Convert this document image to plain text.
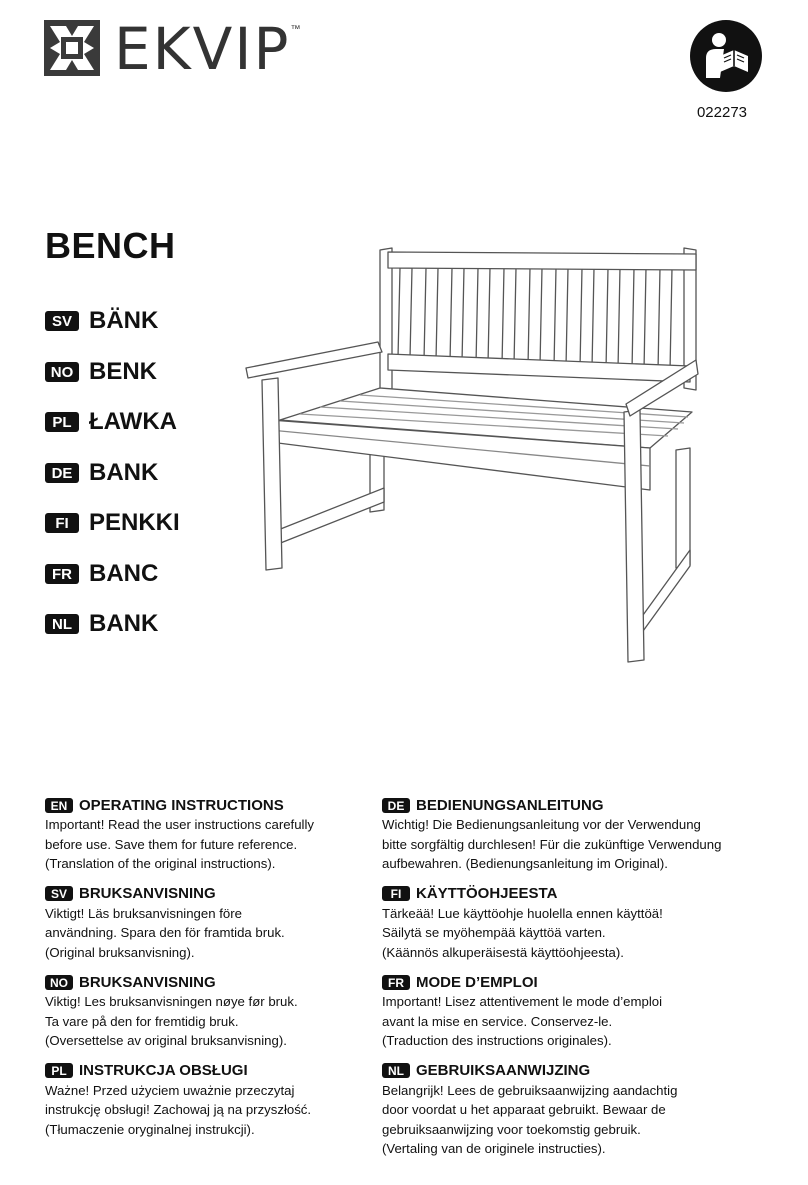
EKVIP ™
022273
BENCH
SV BÄNK
NO BENK
PL ŁAWKA
DE BANK
FI PENKKI
FR BANC
NL BANK
EN OPERATING INSTRUCTIONS
Important! Read the user instructions carefully
before use. Save them for future reference.
(Translation of the original instructions).
SV BRUKSANVISNING
Viktigt! Läs bruksanvisningen före
användning. Spara den för framtida bruk.
(Original bruksanvisning).
NO BRUKSANVISNING
Viktig! Les bruksanvisningen nøye før bruk.
Ta vare på den for fremtidig bruk.
(Oversettelse av original bruksanvisning).
PL INSTRUKCJA OBSŁUGI
Ważne! Przed użyciem uważnie przeczytaj
instrukcję obsługi! Zachowaj ją na przyszłość.
(Tłumaczenie oryginalnej instrukcji).
DE BEDIENUNGSANLEITUNG
Wichtig! Die Bedienungsanleitung vor der Verwendung
bitte sorgfältig durchlesen! Für die zukünftige Verwendung
aufbewahren. (Bedienungsanleitung im Original).
FI KÄYTTÖOHJEESTA
Tärkeää! Lue käyttöohje huolella ennen käyttöä!
Säilytä se myöhempää käyttöä varten.
(Käännös alkuperäisestä käyttöohjeesta).
FR MODE D’EMPLOI
Important! Lisez attentivement le mode d’emploi
avant la mise en service. Conservez-le.
(Traduction des instructions originales).
NL GEBRUIKSAANWIJZING
Belangrijk! Lees de gebruiksaanwijzing aandachtig
door voordat u het apparaat gebruikt. Bewaar de
gebruiksaanwijzing voor toekomstig gebruik.
(Vertaling van de originele instructies).
